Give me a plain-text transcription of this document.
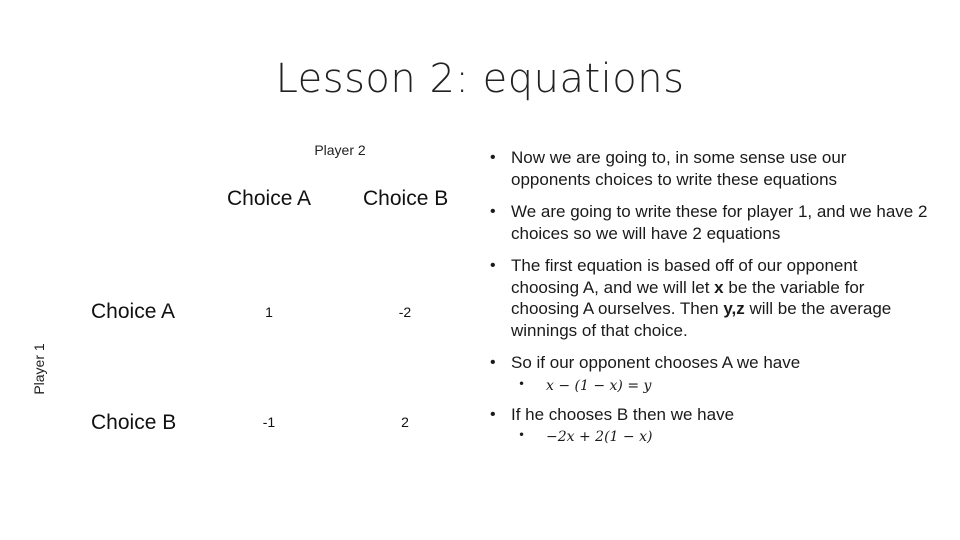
Lesson 2: equations
Player 2
Player 1
Choice A Choice B
Choice A
Choice B
1	-2
-1	2
• Now we are going to, in some sense use our opponents choices to write these equations
• We are going to write these for player 1, and we have 2 choices so we will have 2 equations
• The first equation is based off of our opponent choosing A, and we will let x be the variable for choosing A ourselves. Then y,z will be the average winnings of that choice.
• So if our opponent chooses A we have
• x − (1 − x) = y
• If he chooses B then we have
• −2x + 2(1 − x)
